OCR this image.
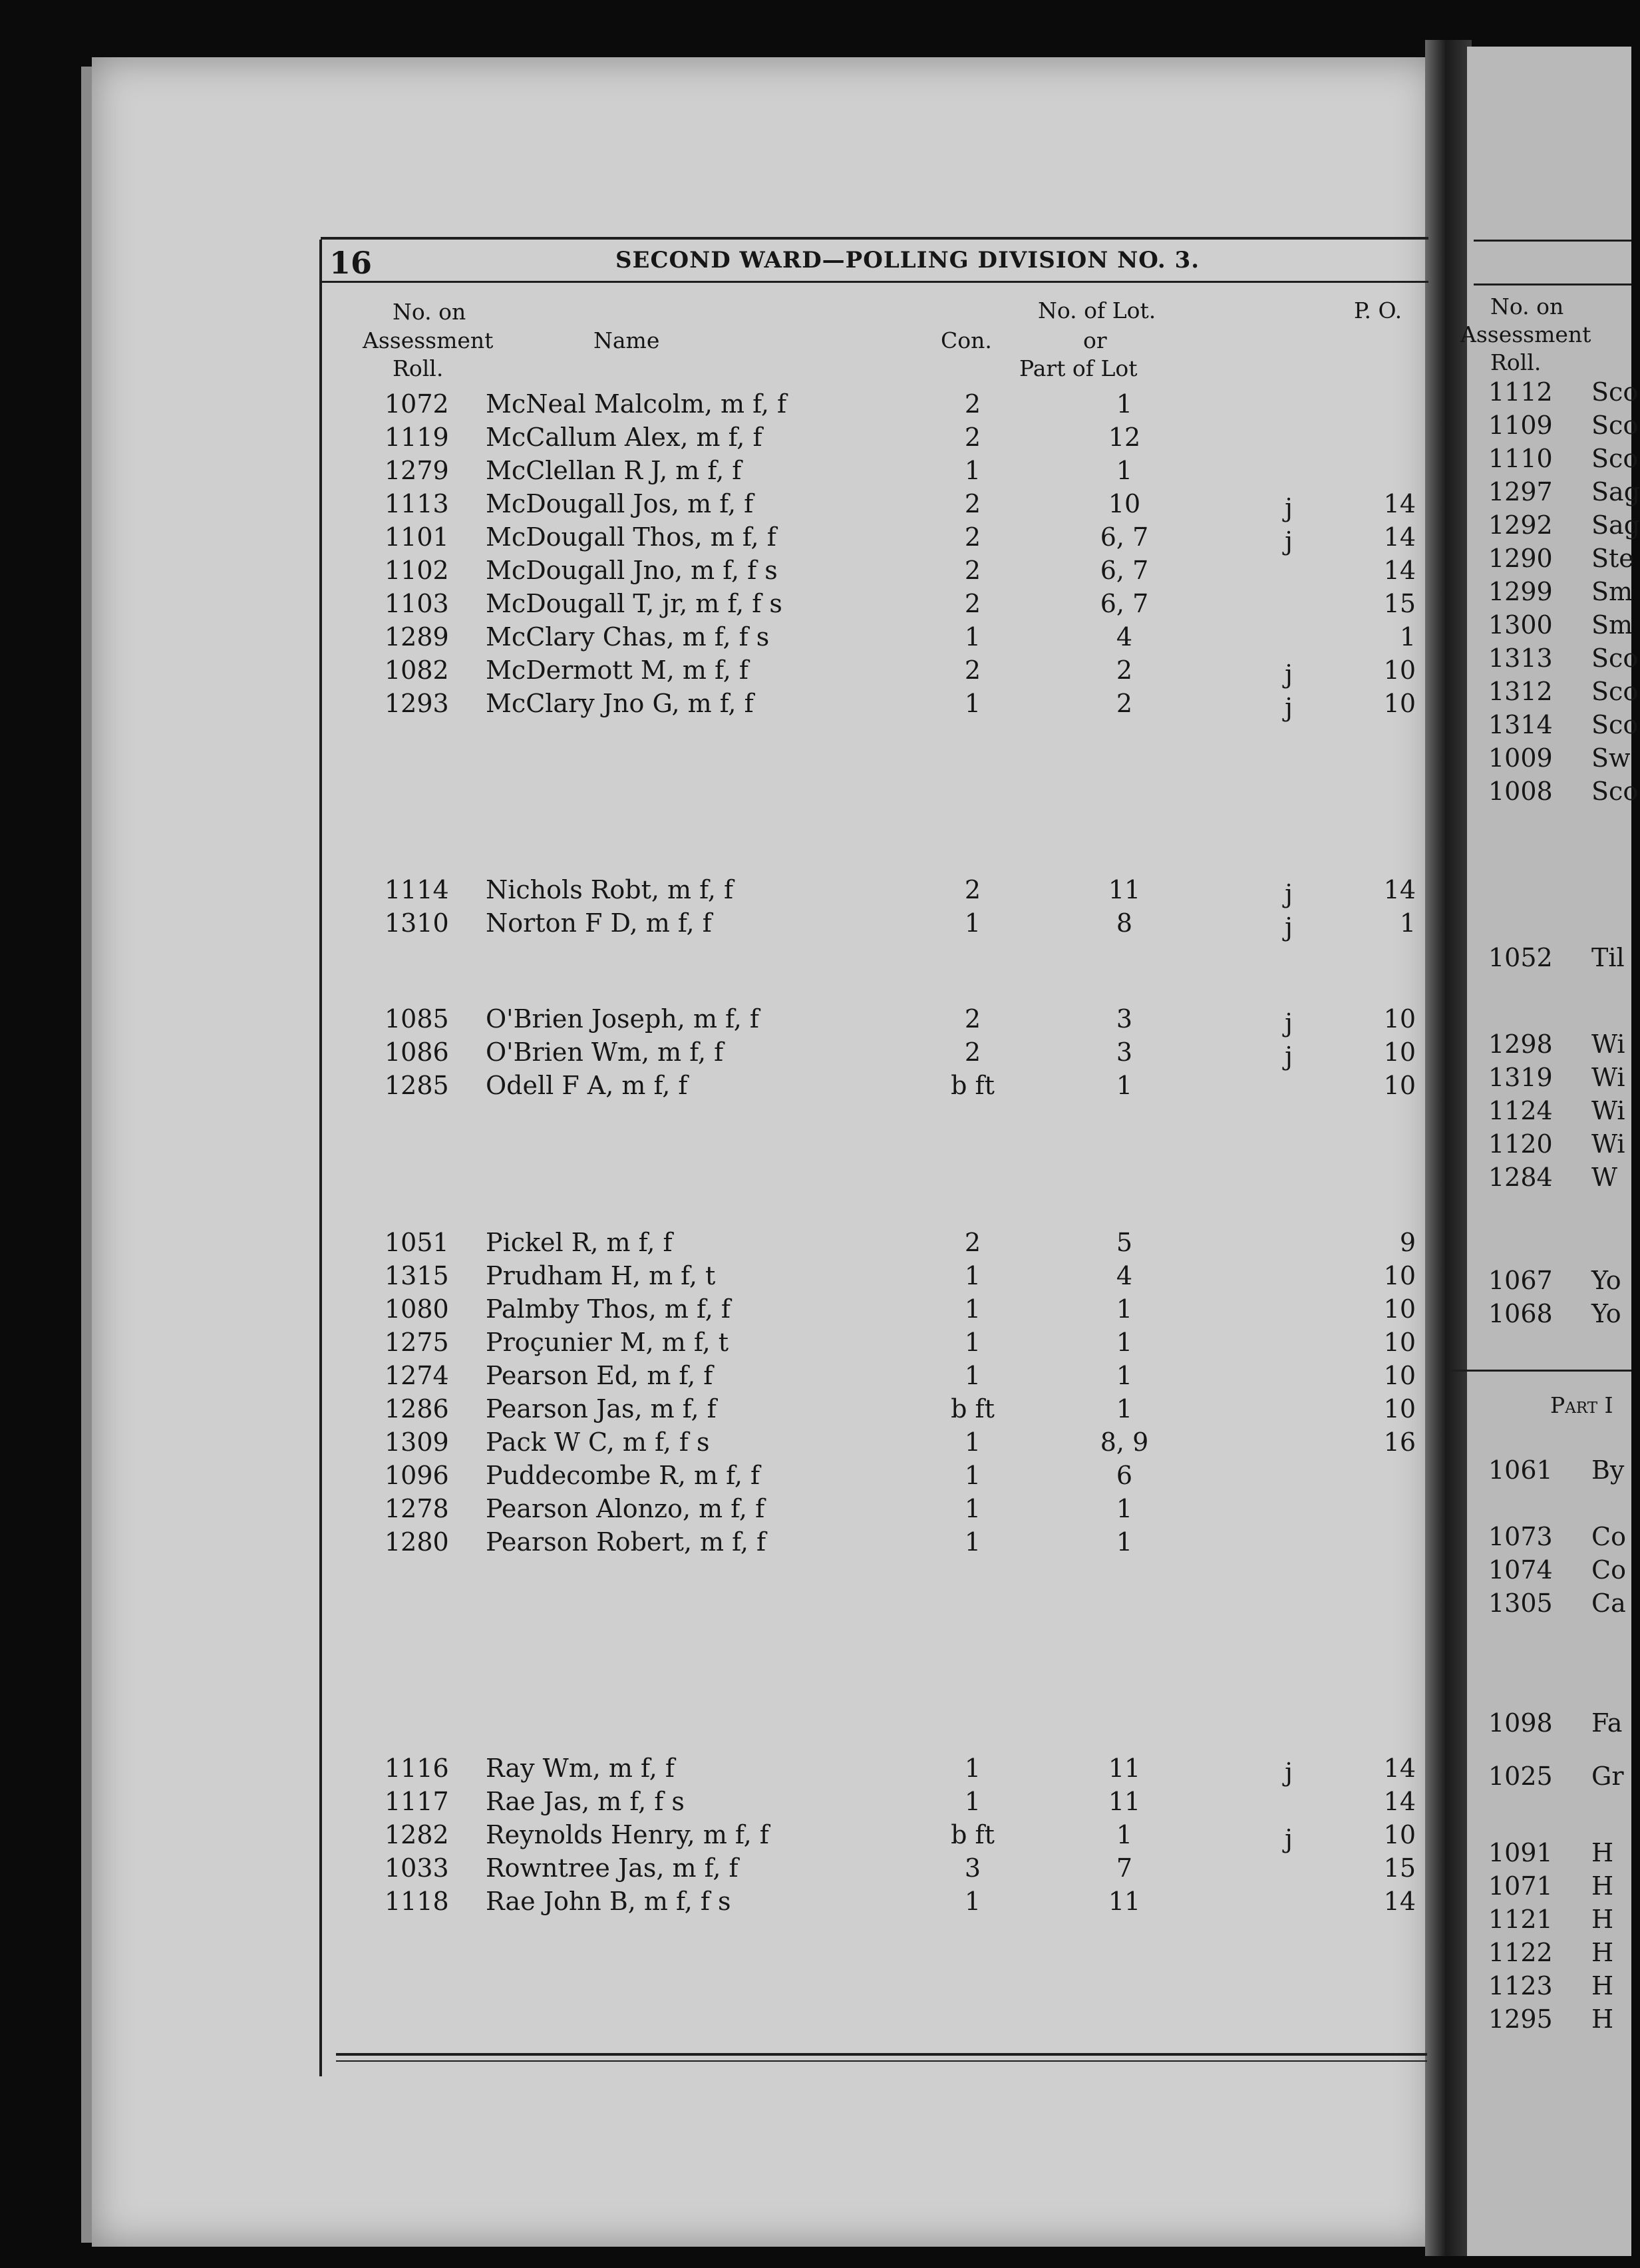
16	SECOND WARD—POLLING DIVISION NO. 3.
No. on
Assessment
Roll.
Name	Con.
No. of Lot.
or
Part of Lot
P. O.
1072 McNeal Malcolm, m f, f	2	1
1119 McCallum Alex, m f, f	2	12
1279 McClellan R J, m f, f	1	1
1113 McDougall Jos, m f, f	2	10	j	14
1101 McDougall Thos, m f, f	2	6, 7	j	14
1102 McDougall Jno, m f, f s	2	6, 7	14
1103 McDougall T, jr, m f, f s	2	6, 7	15
1289 McClary Chas, m f, f s	1	4	1
1082 McDermott M, m f, f	2	2	j	10
1293 McClary Jno G, m f, f	1	2	j	10
1114 Nichols Robt, m f, f	2	11	j	14
1310 Norton F D, m f, f	1	8	j	1
1085 O'Brien Joseph, m f, f	2	3	j	10
1086 O'Brien Wm, m f, f	2	3	j	10
1285 Odell F A, m f, f	b ft	1	10
1051 Pickel R, m f, f	2	5	9
1315 Prudham H, m f, t	1	4	10
1080 Palmby Thos, m f, f	1	1	10
1275 Proçunier M, m f, t	1	1	10
1274 Pearson Ed, m f, f	1	1	10
1286 Pearson Jas, m f, f	b ft	1	10
1309 Pack W C, m f, f s	1	8, 9	16
1096 Puddecombe R, m f, f	1	6
1278 Pearson Alonzo, m f, f	1	1
1280 Pearson Robert, m f, f	1	1
1116 Ray Wm, m f, f	1	11	j	14
1117 Rae Jas, m f, f s	1	11	14
1282 Reynolds Henry, m f, f	b ft	1	j	10
1033 Rowntree Jas, m f, f	3	7	15
1118 Rae John B, m f, f s	1	11	14
No. on
Assessment
Roll.
Part I
1112 Sco
1109 Sco
1110 Sco
1297 Sag
1292 Sag
1290 Ste
1299 Sm
1300 Sm
1313 Sco
1312 Sco
1314 Sco
1009 Sw
1008 Sco
1052 Til
1298 Wi
1319 Wi
1124 Wi
1120 Wi
1284 W
1067 Yo
1068 Yo
1061 By
1073 Co
1074 Co
1305 Ca
1098 Fa
1025 Gr
1091 H
1071 H
1121 H
1122 H
1123 H
1295 H
